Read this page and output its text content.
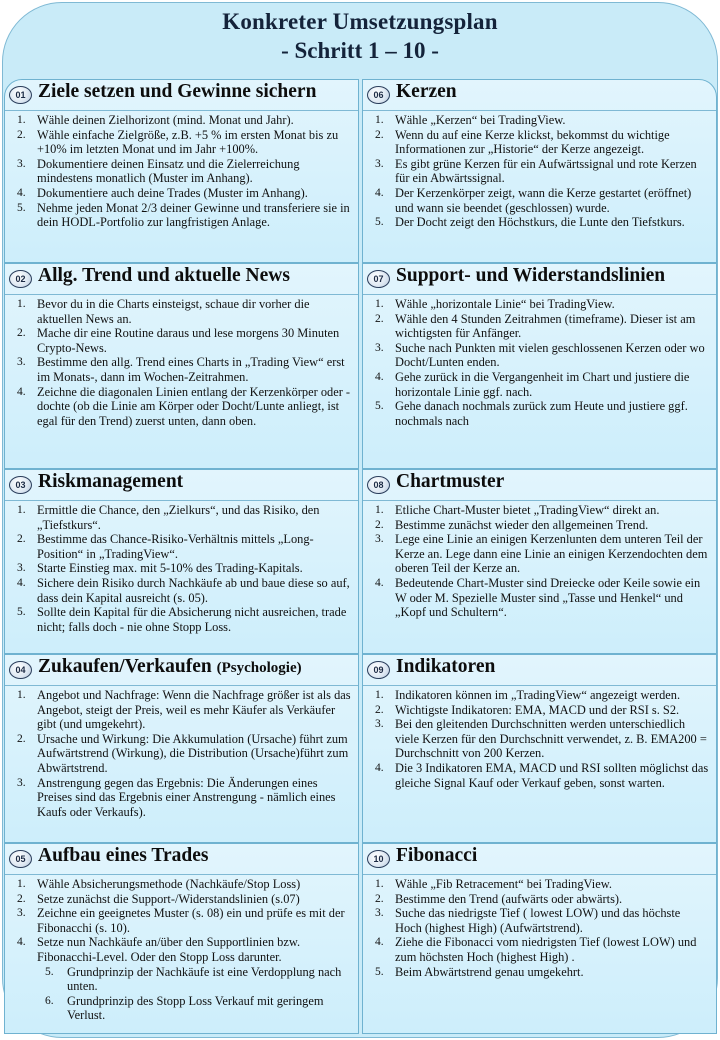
Konkreter Umsetzungsplan
- Schritt 1 – 10 -
01 Ziele setzen und Gewinne sichern
1. Wähle deinen Zielhorizont (mind. Monat und Jahr).
2. Wähle einfache Zielgröße, z.B. +5 % im ersten Monat bis zu +10% im letzten Monat und im Jahr +100%.
3. Dokumentiere deinen Einsatz und die Zielerreichung mindestens monatlich (Muster im Anhang).
4. Dokumentiere auch deine Trades (Muster im Anhang).
5. Nehme jeden Monat 2/3 deiner Gewinne und transferiere sie in dein HODL-Portfolio zur langfristigen Anlage.
06 Kerzen
1. Wähle „Kerzen“ bei TradingView.
2. Wenn du auf eine Kerze klickst, bekommst du wichtige Informationen zur „Historie“ der Kerze angezeigt.
3. Es gibt grüne Kerzen für ein Aufwärtssignal und rote Kerzen für ein Abwärtssignal.
4. Der Kerzenkörper zeigt, wann die Kerze gestartet (eröffnet) und wann sie beendet (geschlossen) wurde.
5. Der Docht zeigt den Höchstkurs, die Lunte den Tiefstkurs.
02 Allg. Trend und aktuelle News
1. Bevor du in die Charts einsteigst, schaue dir vorher die aktuellen News an.
2. Mache dir eine Routine daraus und lese morgens 30 Minuten Crypto-News.
3. Bestimme den allg. Trend eines Charts in „Trading View“ erst im Monats-, dann im Wochen-Zeitrahmen.
4. Zeichne die diagonalen Linien entlang der Kerzenkörper oder -dochte (ob die Linie am Körper oder Docht/Lunte anliegt, ist egal für den Trend) zuerst unten, dann oben.
07 Support- und Widerstandslinien
1. Wähle „horizontale Linie“ bei TradingView.
2. Wähle den 4 Stunden Zeitrahmen (timeframe). Dieser ist am wichtigsten für Anfänger.
3. Suche nach Punkten mit vielen geschlossenen Kerzen oder wo Docht/Lunten enden.
4. Gehe zurück in die Vergangenheit im Chart und justiere die horizontale Linie ggf. nach.
5. Gehe danach nochmals zurück zum Heute und justiere ggf. nochmals nach
03 Riskmanagement
1. Ermittle die Chance, den „Zielkurs“, und das Risiko, den „Tiefstkurs“.
2. Bestimme das Chance-Risiko-Verhältnis mittels „Long-Position“ in „TradingView“.
3. Starte Einstieg max. mit 5-10% des Trading-Kapitals.
4. Sichere dein Risiko durch Nachkäufe ab und baue diese so auf, dass dein Kapital ausreicht (s. 05).
5. Sollte dein Kapital für die Absicherung nicht ausreichen, trade nicht; falls doch - nie ohne Stopp Loss.
08 Chartmuster
1. Etliche Chart-Muster bietet „TradingView“ direkt an.
2. Bestimme zunächst wieder den allgemeinen Trend.
3. Lege eine Linie an einigen Kerzenlunten dem unteren Teil der Kerze an. Lege dann eine Linie an einigen Kerzendochten dem oberen Teil der Kerze an.
4. Bedeutende Chart-Muster sind Dreiecke oder Keile sowie ein W oder M. Spezielle Muster sind „Tasse und Henkel“ und „Kopf und Schultern“.
04 Zukaufen/Verkaufen (Psychologie)
1. Angebot und Nachfrage: Wenn die Nachfrage größer ist als das Angebot, steigt der Preis, weil es mehr Käufer als Verkäufer gibt (und umgekehrt).
2. Ursache und Wirkung: Die Akkumulation (Ursache) führt zum Aufwärtstrend (Wirkung), die Distribution (Ursache)führt zum Abwärtstrend.
3. Anstrengung gegen das Ergebnis: Die Änderungen eines Preises sind das Ergebnis einer Anstrengung - nämlich eines Kaufs oder Verkaufs).
09 Indikatoren
1. Indikatoren können im „TradingView“ angezeigt werden.
2. Wichtigste Indikatoren: EMA, MACD und der RSI s. S2.
3. Bei den gleitenden Durchschnitten werden unterschiedlich viele Kerzen für den Durchschnitt verwendet, z. B. EMA200 = Durchschnitt von 200 Kerzen.
4. Die 3 Indikatoren EMA, MACD und RSI sollten möglichst das gleiche Signal Kauf oder Verkauf geben, sonst warten.
05 Aufbau eines Trades
1. Wähle Absicherungsmethode (Nachkäufe/Stop Loss)
2. Setze zunächst die Support-/Widerstandslinien (s.07)
3. Zeichne ein geeignetes Muster (s. 08) ein und prüfe es mit der Fibonacchi (s. 10).
4. Setze nun Nachkäufe an/über den Supportlinien bzw. Fibonacchi-Level. Oder den Stopp Loss darunter.
5. Grundprinzip der Nachkäufe ist eine Verdopplung nach unten.
6. Grundprinzip des Stopp Loss Verkauf mit geringem Verlust.
10 Fibonacci
1. Wähle „Fib Retracement“ bei TradingView.
2. Bestimme den Trend (aufwärts oder abwärts).
3. Suche das niedrigste Tief ( lowest LOW) und das höchste Hoch (highest High) (Aufwärtstrend).
4. Ziehe die Fibonacci vom niedrigsten Tief (lowest LOW) und zum höchsten Hoch (highest High) .
5. Beim Abwärtstrend genau umgekehrt.
